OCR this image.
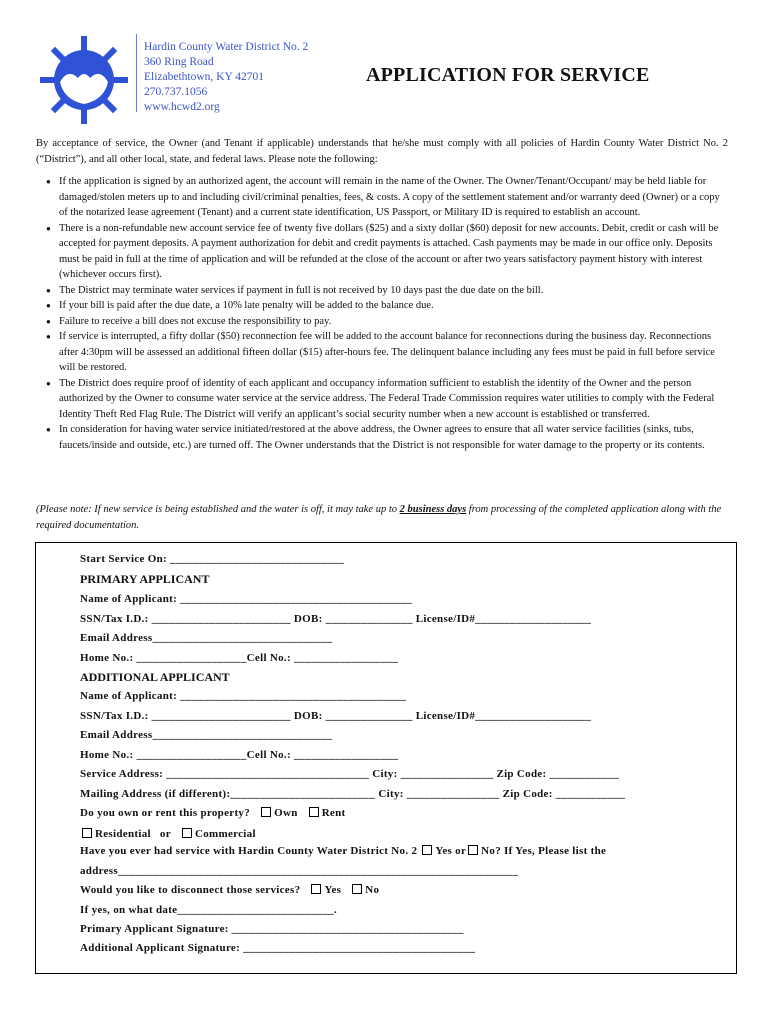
Hardin County Water District No. 2
360 Ring Road
Elizabethtown, KY 42701
270.737.1056
www.hcwd2.org
APPLICATION FOR SERVICE
By acceptance of service, the Owner (and Tenant if applicable) understands that he/she must comply with all policies of Hardin County Water District No. 2 (“District”), and all other local, state, and federal laws. Please note the following:
● If the application is signed by an authorized agent, the account will remain in the name of the Owner. The Owner/Tenant/Occupant/ may be held liable for damaged/stolen meters up to and including civil/criminal penalties, fees, & costs. A copy of the settlement statement and/or warranty deed (Owner) or a copy of the notarized lease agreement (Tenant) and a current state identification, US Passport, or Military ID is required to establish an account.
● There is a non-refundable new account service fee of twenty five dollars ($25) and a sixty dollar ($60) deposit for new accounts. Debit, credit or cash will be accepted for payment deposits. A payment authorization for debit and credit payments is attached. Cash payments may be made in our office only. Deposits must be paid in full at the time of application and will be refunded at the close of the account or after two years satisfactory payment history with interest (whichever occurs first).
● The District may terminate water services if payment in full is not received by 10 days past the due date on the bill.
● If your bill is paid after the due date, a 10% late penalty will be added to the balance due.
● Failure to receive a bill does not excuse the responsibility to pay.
● If service is interrupted, a fifty dollar ($50) reconnection fee will be added to the account balance for reconnections during the business day. Reconnections after 4:30pm will be assessed an additional fifteen dollar ($15) after-hours fee. The delinquent balance including any fees must be paid in full before service will be restored.
● The District does require proof of identity of each applicant and occupancy information sufficient to establish the identity of the Owner and the person authorized by the Owner to consume water service at the service address. The Federal Trade Commission requires water utilities to comply with the Federal Identity Theft Red Flag Rule. The District will verify an applicant’s social security number when a new account is established or transferred.
● In consideration for having water service initiated/restored at the above address, the Owner agrees to ensure that all water service facilities (sinks, tubs, faucets/inside and outside, etc.) are turned off. The Owner understands that the District is not responsible for water damage to the property or its contents.
(Please note: If new service is being established and the water is off, it may take up to 2 business days from processing of the completed application along with the required documentation.
Start Service On: ______________________________
PRIMARY APPLICANT
Name of Applicant: ________________________________________
SSN/Tax I.D.: ________________________ DOB: _______________ License/ID#____________________
Email Address_______________________________
Home No.: ___________________Cell No.: __________________
ADDITIONAL APPLICANT
Name of Applicant: _______________________________________
SSN/Tax I.D.: ________________________ DOB: _______________ License/ID#____________________
Email Address_______________________________
Home No.: ___________________Cell No.: __________________
Service Address: ___________________________________ City: ________________ Zip Code: ____________
Mailing Address (if different):_________________________ City: ________________ Zip Code: ____________
Do you own or rent this property? Own Rent
Residential or Commercial
Have you ever had service with Hardin County Water District No. 2 Yes or No? If Yes, Please list the
address_____________________________________________________________________
Would you like to disconnect those services? Yes No
If yes, on what date___________________________.
Primary Applicant Signature: ________________________________________
Additional Applicant Signature: ________________________________________
